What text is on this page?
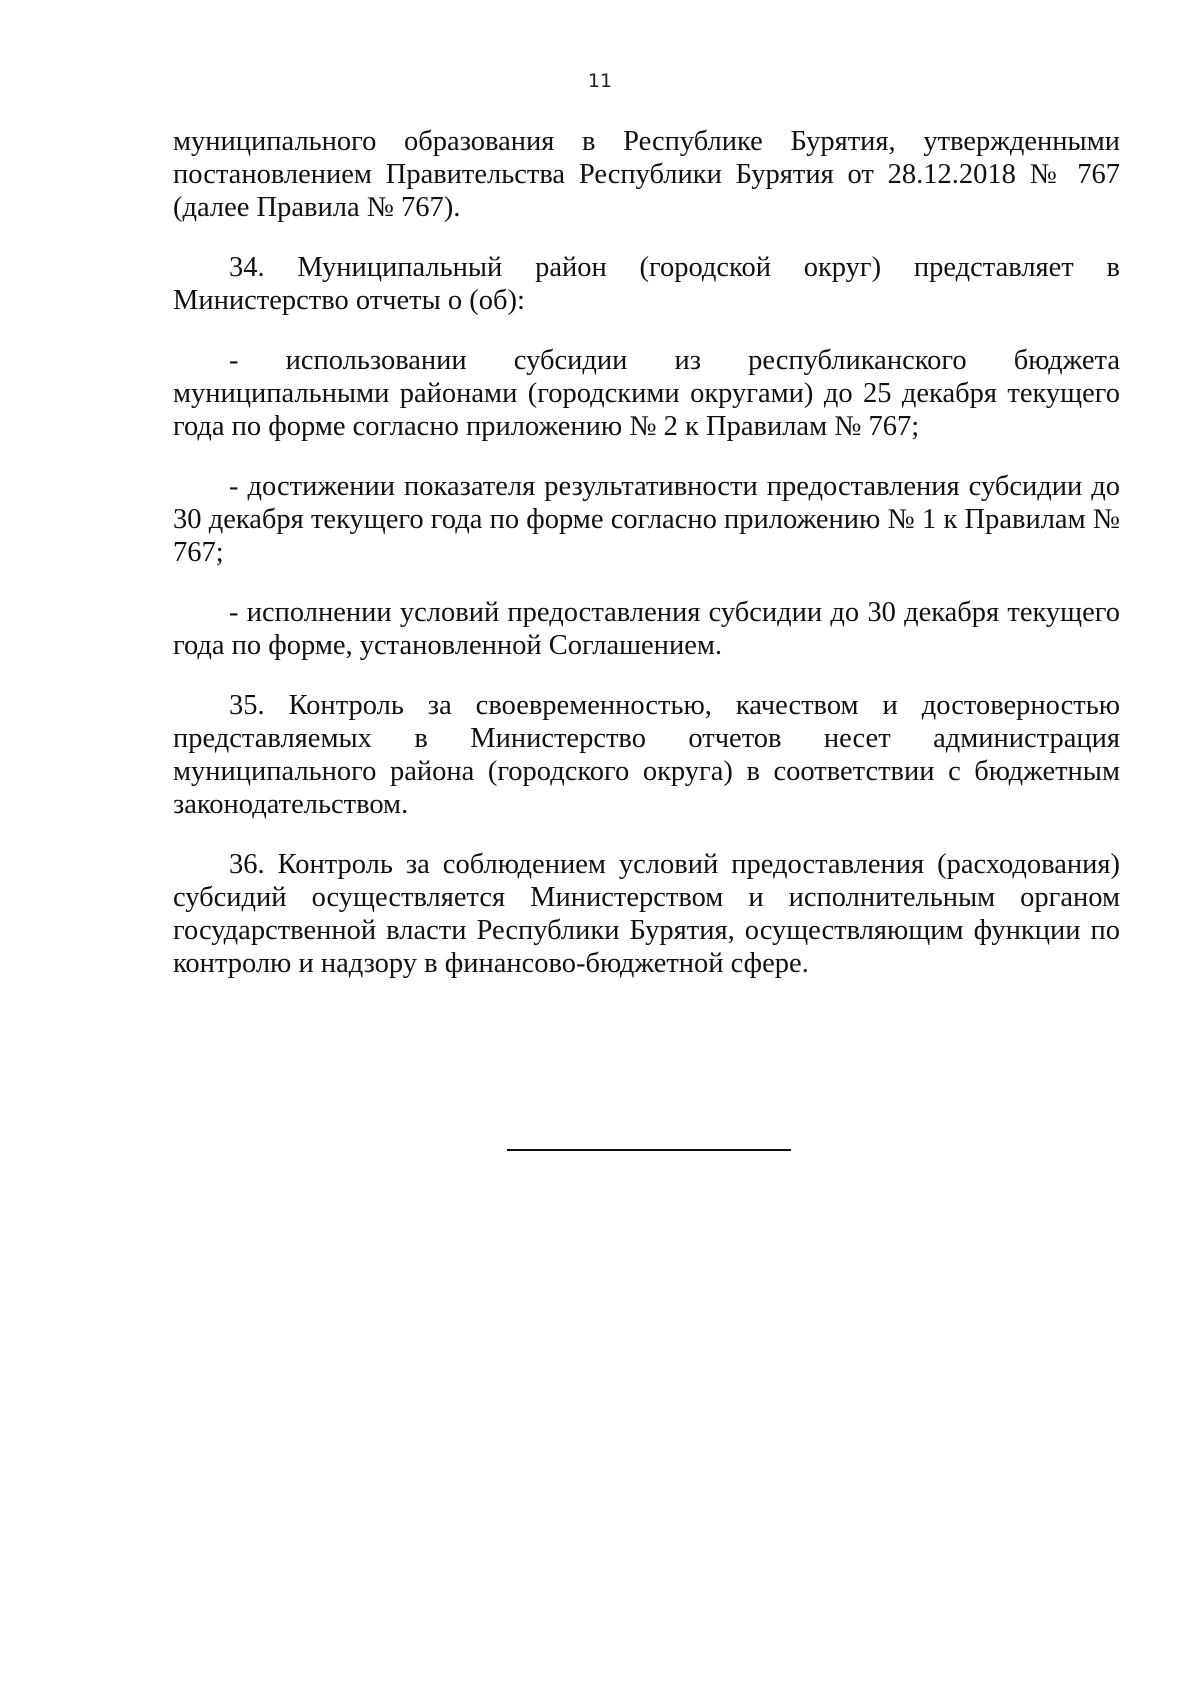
11

муниципального образования в Республике Бурятия, утвержденными постановлением Правительства Республики Бурятия от 28.12.2018 № 767 (далее Правила № 767).

34. Муниципальный район (городской округ) представляет в Министерство отчеты о (об):

- использовании субсидии из республиканского бюджета муниципальными районами (городскими округами) до 25 декабря текущего года по форме согласно приложению № 2 к Правилам № 767;

- достижении показателя результативности предоставления субсидии до 30 декабря текущего года по форме согласно приложению № 1 к Правилам № 767;

- исполнении условий предоставления субсидии до 30 декабря текущего года по форме, установленной Соглашением.

35. Контроль за своевременностью, качеством и достоверностью представляемых в Министерство отчетов несет администрация муниципального района (городского округа) в соответствии с бюджетным законодательством.

36. Контроль за соблюдением условий предоставления (расходования) субсидий осуществляется Министерством и исполнительным органом государственной власти Республики Бурятия, осуществляющим функции по контролю и надзору в финансово-бюджетной сфере.
